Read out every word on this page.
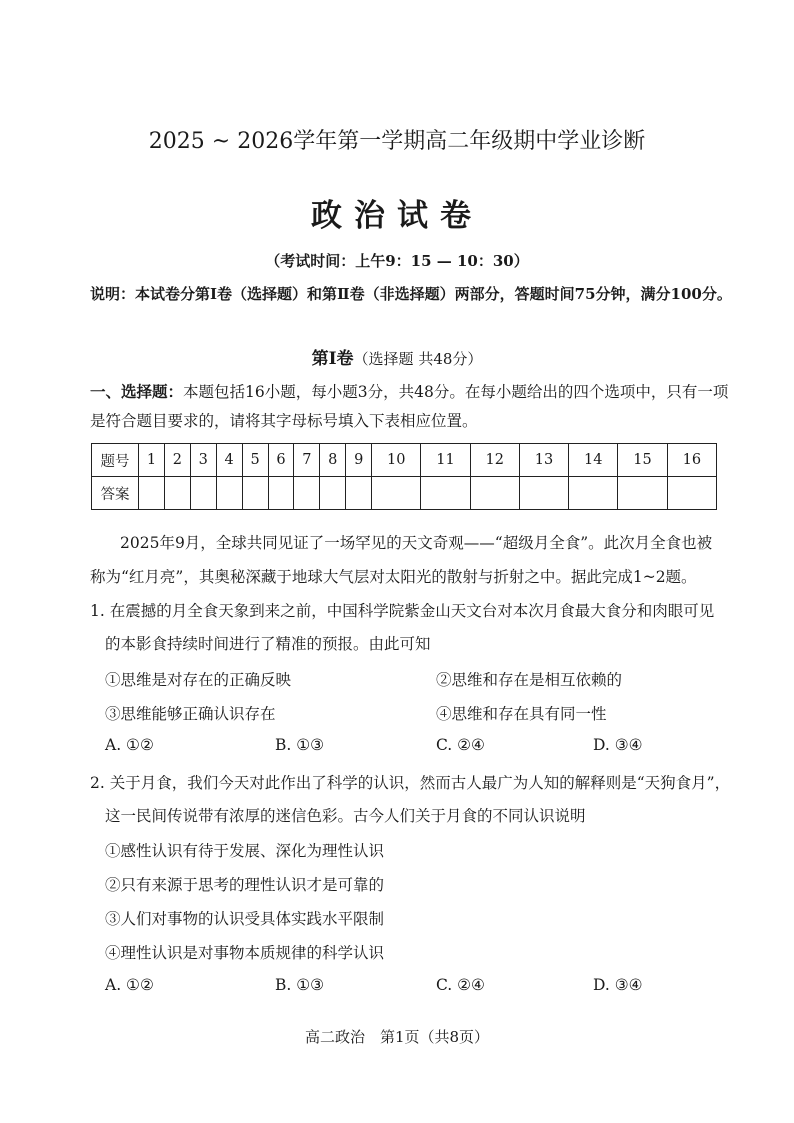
2025 ~ 2026学年第一学期高二年级期中学业诊断
政治试卷
（考试时间：上午9：15 — 10：30）
说明：本试卷分第Ⅰ卷（选择题）和第Ⅱ卷（非选择题）两部分，答题时间75分钟，满分100分。
第Ⅰ卷（选择题 共48分）
一、选择题：本题包括16小题，每小题3分，共48分。在每小题给出的四个选项中，只有一项
是符合题目要求的，请将其字母标号填入下表相应位置。
题号	1	2	3	4	5	6	7	8	9	10	11	12	13	14	15	16
答案																
2025年9月，全球共同见证了一场罕见的天文奇观——“超级月全食”。此次月全食也被
称为“红月亮”，其奥秘深藏于地球大气层对太阳光的散射与折射之中。据此完成1~2题。
1. 在震撼的月全食天象到来之前，中国科学院紫金山天文台对本次月食最大食分和肉眼可见
的本影食持续时间进行了精准的预报。由此可知
①思维是对存在的正确反映	②思维和存在是相互依赖的
③思维能够正确认识存在	④思维和存在具有同一性
A. ①②	B. ①③	C. ②④	D. ③④
2. 关于月食，我们今天对此作出了科学的认识，然而古人最广为人知的解释则是“天狗食月”，
这一民间传说带有浓厚的迷信色彩。古今人们关于月食的不同认识说明
①感性认识有待于发展、深化为理性认识
②只有来源于思考的理性认识才是可靠的
③人们对事物的认识受具体实践水平限制
④理性认识是对事物本质规律的科学认识
A. ①②	B. ①③	C. ②④	D. ③④
高二政治　第1页（共8页）
